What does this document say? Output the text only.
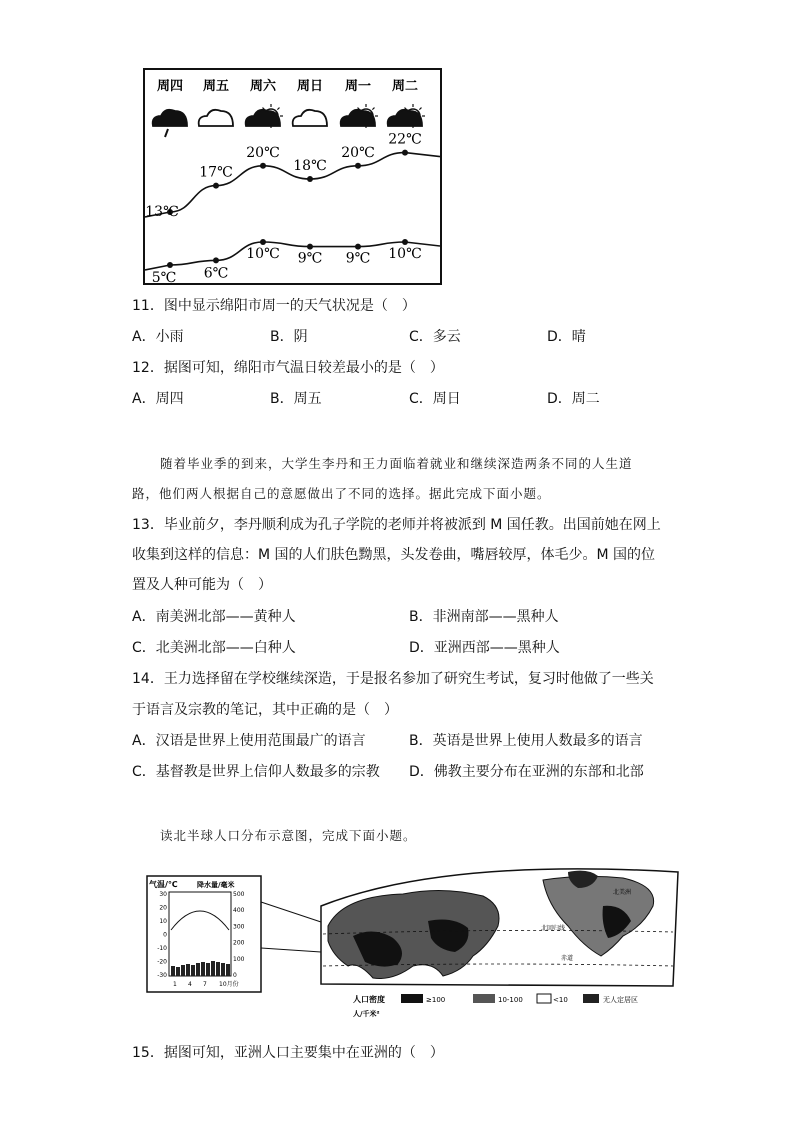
周四 周五 周六 周日 周一 周二
13℃
17℃
20℃
18℃
20℃
22℃
5℃ 6℃
10℃ 9℃ 9℃ 10℃
11．图中显示绵阳市周一的天气状况是（　）
A．小雨	B．阴	C．多云	D．晴
12．据图可知，绵阳市气温日较差最小的是（　）
A．周四	B．周五	C．周日	D．周二
随着毕业季的到来，大学生李丹和王力面临着就业和继续深造两条不同的人生道
路，他们两人根据自己的意愿做出了不同的选择。据此完成下面小题。
13．毕业前夕，李丹顺利成为孔子学院的老师并将被派到 M 国任教。出国前她在网上
收集到这样的信息：M 国的人们肤色黝黑，头发卷曲，嘴唇较厚，体毛少。M 国的位
置及人种可能为（　）
A．南美洲北部——黄种人	B．非洲南部——黑种人
C．北美洲北部——白种人	D．亚洲西部——黑种人
14．王力选择留在学校继续深造，于是报名参加了研究生考试，复习时他做了一些关
于语言及宗教的笔记，其中正确的是（　）
A．汉语是世界上使用范围最广的语言	B．英语是世界上使用人数最多的语言
C．基督教是世界上信仰人数最多的宗教 D．佛教主要分布在亚洲的东部和北部
读北半球人口分布示意图，完成下面小题。
气温/℃	降水量/毫米
30
20
10
0
-10
-20
-30
500
400
300
200
100
0
1 4 7 10月份
北回归线
赤道
北美洲
人口密度
人/千米²
≥100	10-100	<10	无人定居区
15．据图可知，亚洲人口主要集中在亚洲的（　）
